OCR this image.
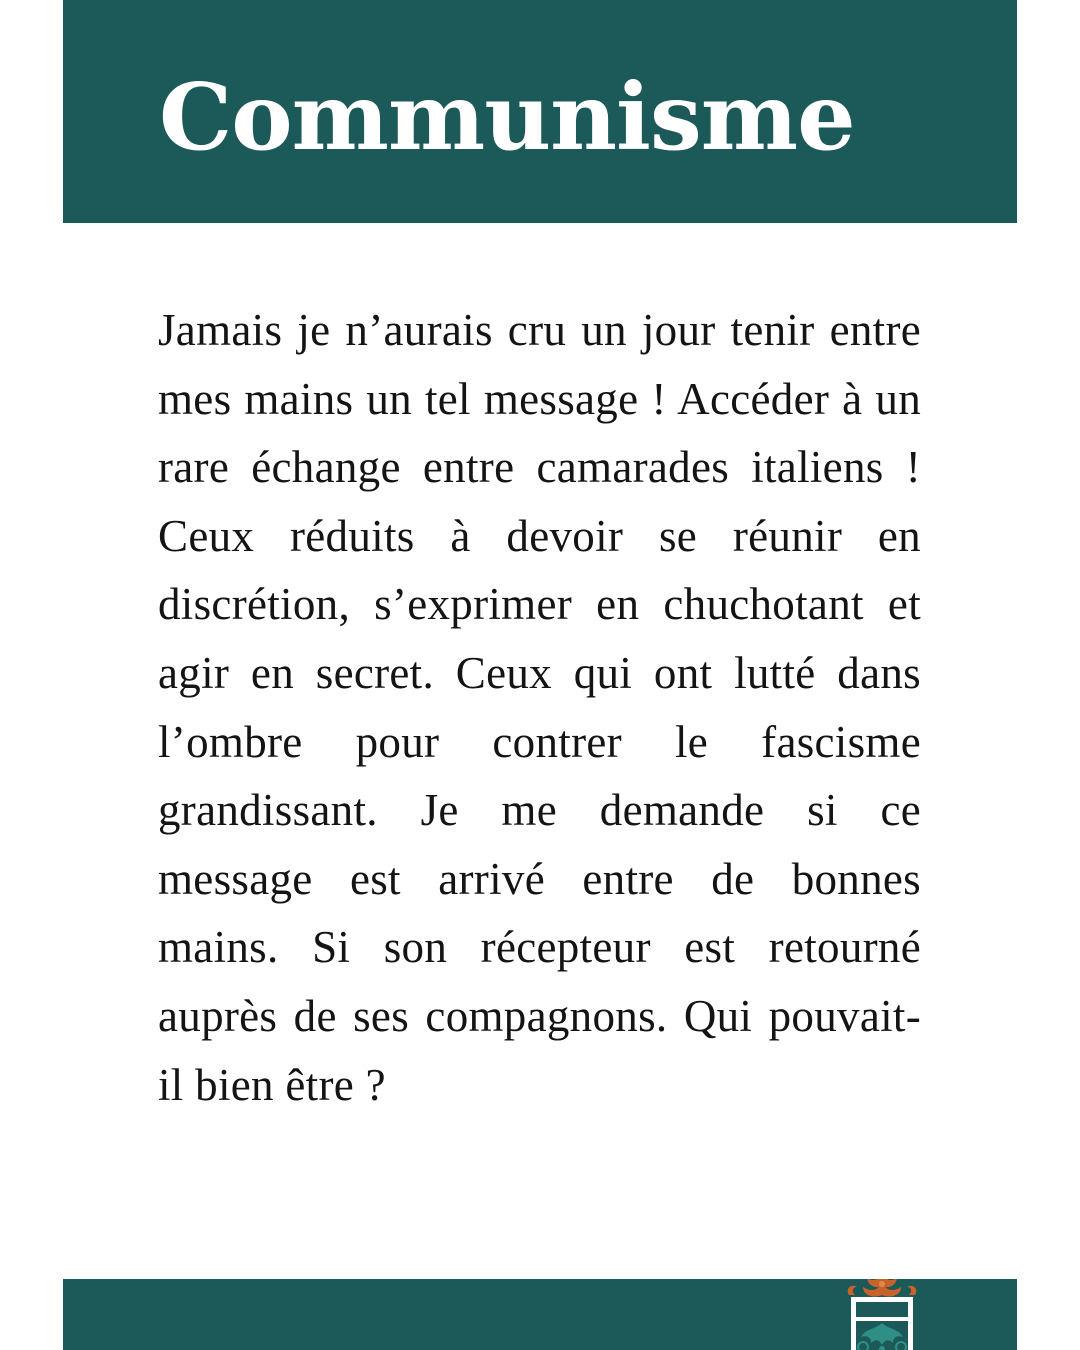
Communisme

Jamais je n’aurais cru un jour tenir entre mes mains un tel message ! Accéder à un rare échange entre camarades italiens ! Ceux réduits à devoir se réunir en discrétion, s’exprimer en chuchotant et agir en secret. Ceux qui ont lutté dans l’ombre pour contrer le fascisme grandissant. Je me demande si ce message est arrivé entre de bonnes mains. Si son récepteur est retourné auprès de ses compagnons. Qui pouvait-il bien être ?
